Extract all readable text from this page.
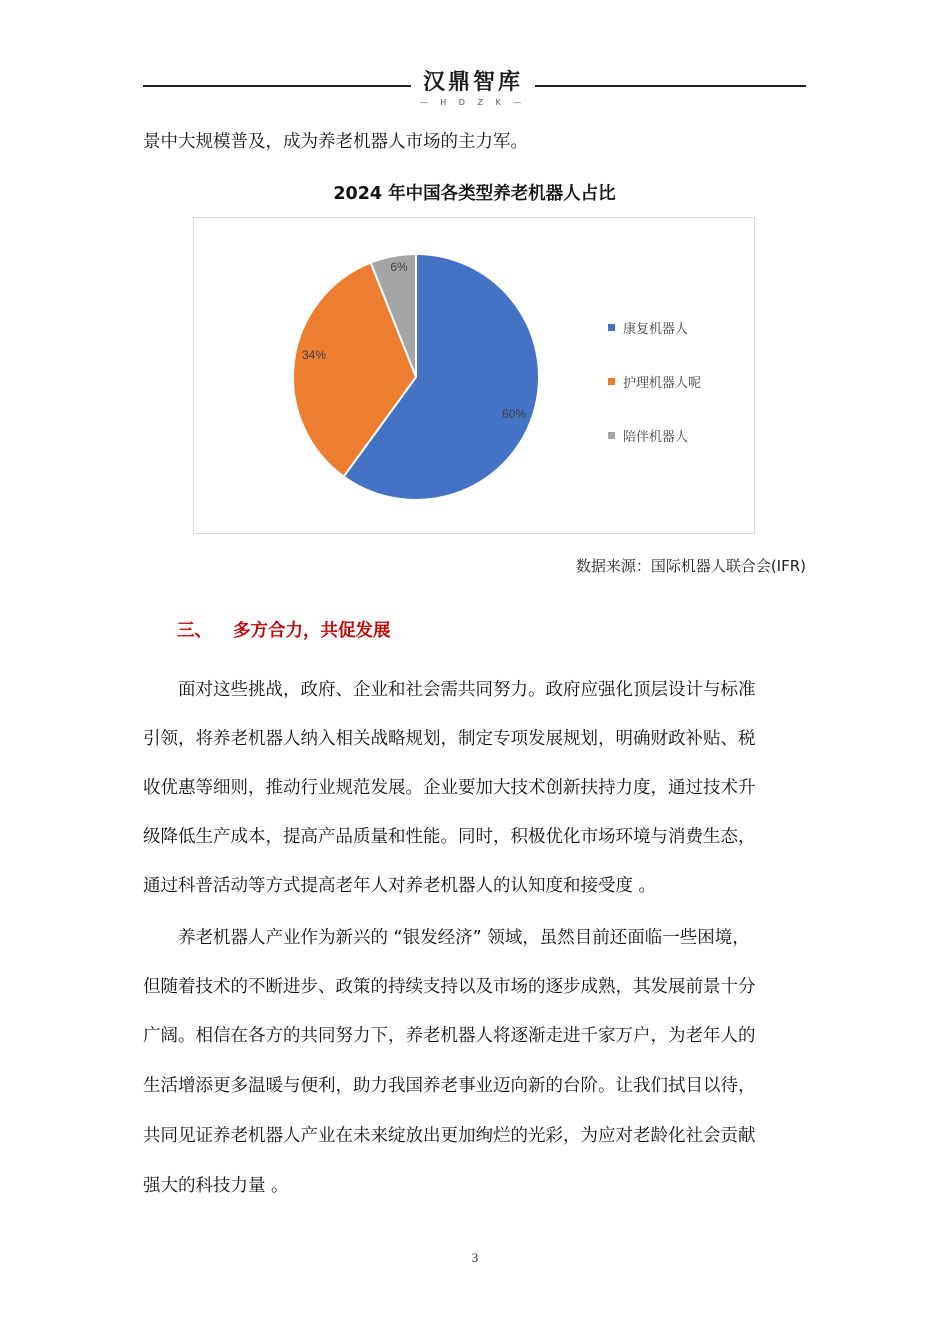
汉鼎智库
— H D Z K —
景中大规模普及，成为养老机器人市场的主力军。
2024 年中国各类型养老机器人占比
60%
34%
6%
康复机器人
护理机器人呢
陪伴机器人
数据来源：国际机器人联合会(IFR)
三、 多方合力，共促发展
　　面对这些挑战，政府、企业和社会需共同努力。政府应强化顶层设计与标准
引领，将养老机器人纳入相关战略规划，制定专项发展规划，明确财政补贴、税
收优惠等细则，推动行业规范发展。企业要加大技术创新扶持力度，通过技术升
级降低生产成本，提高产品质量和性能。同时，积极优化市场环境与消费生态，
通过科普活动等方式提高老年人对养老机器人的认知度和接受度 。
　　养老机器人产业作为新兴的 “银发经济” 领域，虽然目前还面临一些困境，
但随着技术的不断进步、政策的持续支持以及市场的逐步成熟，其发展前景十分
广阔。相信在各方的共同努力下，养老机器人将逐渐走进千家万户，为老年人的
生活增添更多温暖与便利，助力我国养老事业迈向新的台阶。让我们拭目以待，
共同见证养老机器人产业在未来绽放出更加绚烂的光彩，为应对老龄化社会贡献
强大的科技力量 。
3
